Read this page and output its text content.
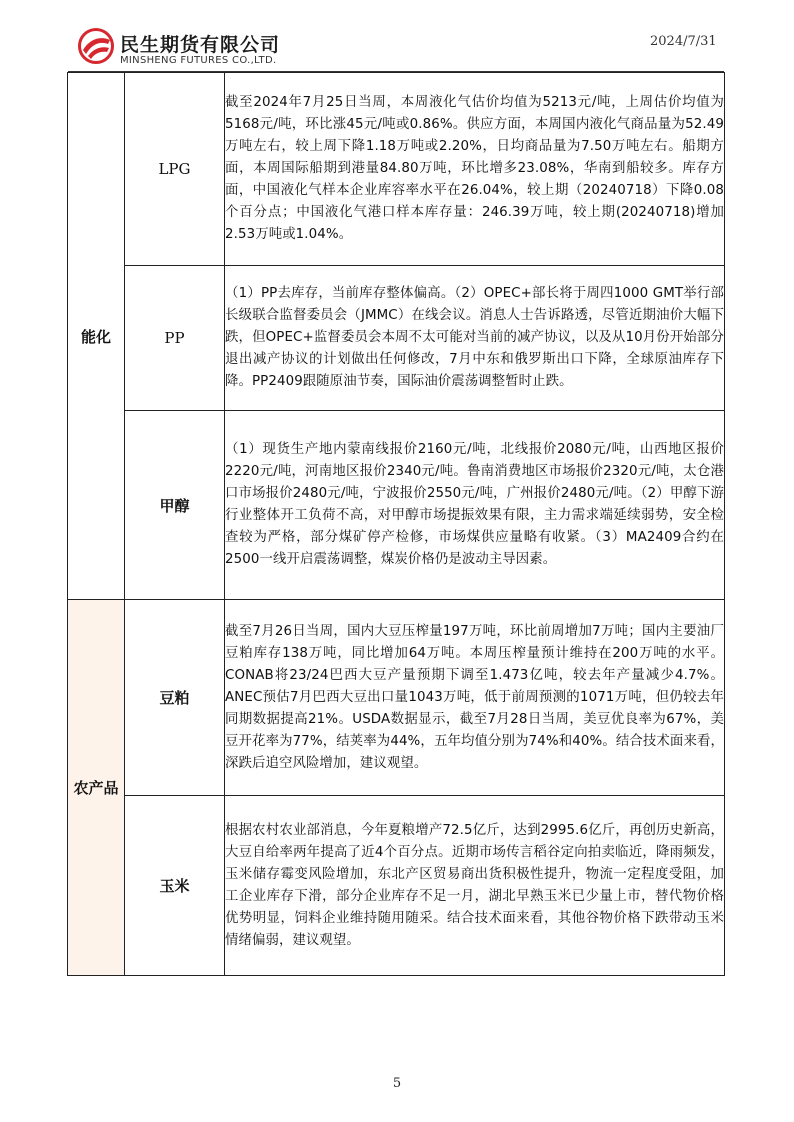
民生期货有限公司
MINSHENG FUTURES CO.,LTD.
2024/7/31
能化	LPG	截至2024年7月25日当周，本周液化气估价均值为5213元/吨，上周估价均值为5168元/吨，环比涨45元/吨或0.86%。供应方面，本周国内液化气商品量为52.49万吨左右，较上周下降1.18万吨或2.20%，日均商品量为7.50万吨左右。船期方面，本周国际船期到港量84.80万吨，环比增多23.08%，华南到船较多。库存方面，中国液化气样本企业库容率水平在26.04%，较上期（20240718）下降0.08个百分点；中国液化气港口样本库存量：246.39万吨，较上期(20240718)增加2.53万吨或1.04%。
	PP	（1）PP去库存，当前库存整体偏高。（2）OPEC+部长将于周四1000 GMT举行部长级联合监督委员会（JMMC）在线会议。消息人士告诉路透，尽管近期油价大幅下跌，但OPEC+监督委员会本周不太可能对当前的减产协议，以及从10月份开始部分退出减产协议的计划做出任何修改，7月中东和俄罗斯出口下降，全球原油库存下降。PP2409跟随原油节奏，国际油价震荡调整暂时止跌。
	甲醇	（1）现货生产地内蒙南线报价2160元/吨，北线报价2080元/吨，山西地区报价2220元/吨，河南地区报价2340元/吨。鲁南消费地区市场报价2320元/吨，太仓港口市场报价2480元/吨，宁波报价2550元/吨，广州报价2480元/吨。（2）甲醇下游行业整体开工负荷不高，对甲醇市场提振效果有限，主力需求端延续弱势，安全检查较为严格，部分煤矿停产检修，市场煤供应量略有收紧。（3）MA2409合约在2500一线开启震荡调整，煤炭价格仍是波动主导因素。
农产品	豆粕	截至7月26日当周，国内大豆压榨量197万吨，环比前周增加7万吨；国内主要油厂豆粕库存138万吨，同比增加64万吨。本周压榨量预计维持在200万吨的水平。CONAB将23/24巴西大豆产量预期下调至1.473亿吨，较去年产量减少4.7%。ANEC预估7月巴西大豆出口量1043万吨，低于前周预测的1071万吨，但仍较去年同期数据提高21%。USDA数据显示，截至7月28日当周，美豆优良率为67%，美豆开花率为77%，结荚率为44%，五年均值分别为74%和40%。结合技术面来看，深跌后追空风险增加，建议观望。
	玉米	根据农村农业部消息，今年夏粮增产72.5亿斤，达到2995.6亿斤，再创历史新高，大豆自给率两年提高了近4个百分点。近期市场传言稻谷定向拍卖临近，降雨频发，玉米储存霉变风险增加，东北产区贸易商出货积极性提升，物流一定程度受阻，加工企业库存下滑，部分企业库存不足一月，湖北早熟玉米已少量上市，替代物价格优势明显，饲料企业维持随用随采。结合技术面来看，其他谷物价格下跌带动玉米情绪偏弱，建议观望。
5
